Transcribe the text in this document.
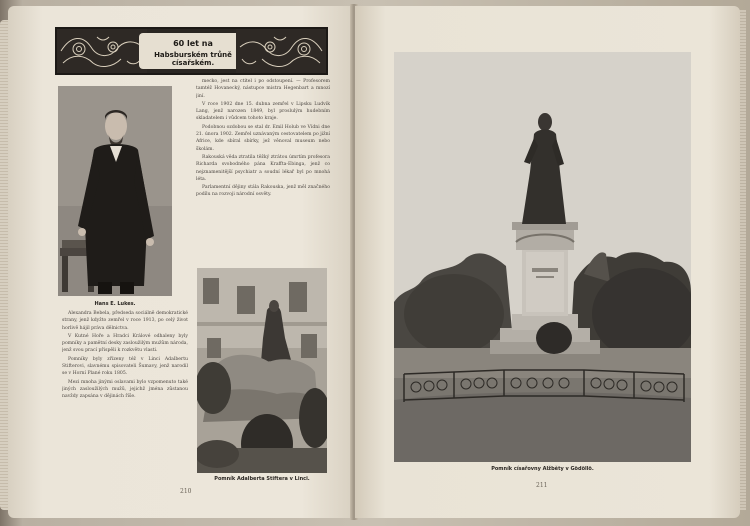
60 let na
Habsburském trůně císařském.
Hans E. Lukes.

mecko, jest na ctitel i po odstoupení. — Profesorem tamtéž Hovanecký, nástupce mistra Hegenbart a mnozí jiní.

V roce 1902 dne 15. dubna zemřel v Lipsku Ludvík Lang, jenž narozen 1849, byl proslulým hudebním skladatelem i vůdcem tohoto kraje.

Podobnou ozdobou se stal dr. Emil Holub ve Vídni dne 21. února 1902. Zemřel uznávaným cestovatelem po jižní Africe, kde sbíral sbírky, jež věnoval museum nebo školám.

Rakouská věda ztratila těžký ztrátou úmrtím profesora Richarda svobodného pána Kraffta-Ebinga, jenž co nejznamenitější psychiatr a soudní lékař byl po mnohá léta.

Parlamentní dějiny stála Rakouska, jenž měl značného podílu na rozvoji národní osvěty.

Alexandra Bebela, předseda sociálně demokratické strany, jenž kdyžto zemřel v roce 1913, po celý život horlivě hájil práva dělnictva.

V Kutné Hoře a Hradci Králové odhaleny byly pomníky a pamětní desky zasloužilým mužům národa, jenž svou prací přispěli k rozkvětu vlasti.

Pomníky byly zřízeny též v Linci Adalbertu Stifterovi, slavnému spisovateli Šumavy, jenž narodil se v Horní Plané roku 1805.

Mezi mnoha jinými oslavami bylo vzpomenuto také jiných zasloužilých mužů, jejichž jména zůstanou navždy zapsána v dějinách říše.

Pomník Adalberta Stiftera v Linci.
210
Pomník císařovny Alžběty v Gödöllö.
211
